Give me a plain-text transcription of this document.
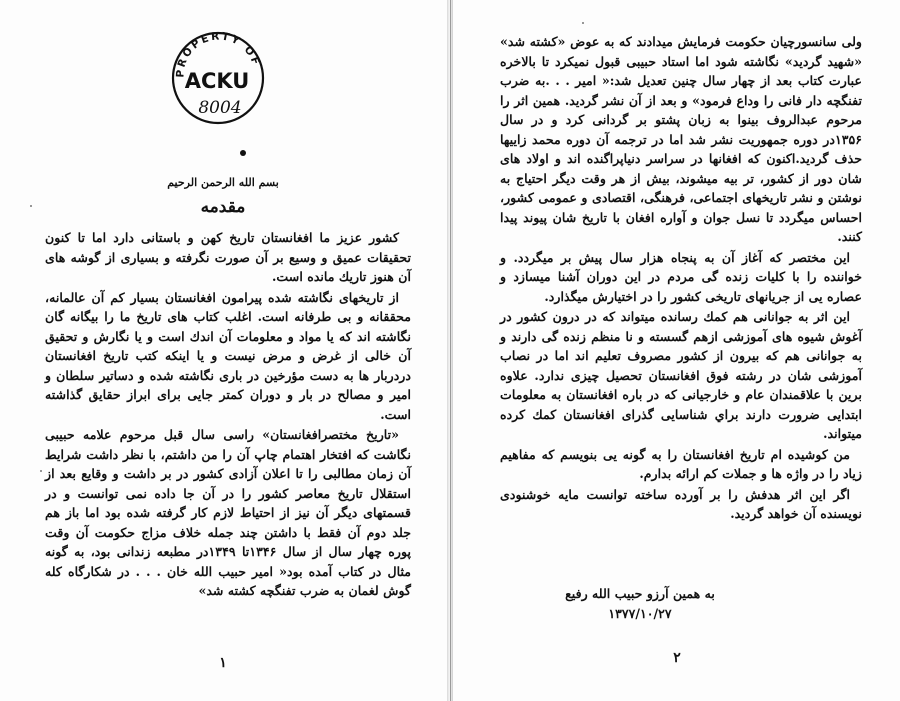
PROPERTY OF
ACKU
8004
بسم الله الرحمن الرحيم
مقدمه

کشور عزیز ما افغانستان تاریخ کهن و باستانی دارد اما تا کنون تحقیقات عمیق و وسیع بر آن صورت نگرفته و بسیاری از گوشه های آن هنوز تاریك مانده است.

از تاریخهای نگاشته شده پیرامون افغانستان بسیار کم آن عالمانه، محققانه و بی طرفانه است. اغلب کتاب های تاریخ ما را بیگانه گان نگاشته اند که یا مواد و معلومات آن اندك است و یا نگارش و تحقیق آن خالی از غرض و مرض نیست و یا اینکه کتب تاریخ افغانستان دردربار ها به دست مؤرخین در باری نگاشته شده و دساتیر سلطان و امیر و مصالح در بار و دوران کمتر جایی برای ابراز حقایق گذاشته است.

«تاریخ مختصرافغانستان» راسی سال قبل مرحوم علامه حبیبی نگاشت که افتخار اهتمام چاپ آن را من داشتم، با نظر داشت شرایط آن زمان مطالبی را تا اعلان آزادی کشور در بر داشت و وقایع بعد از استقلال تاریخ معاصر کشور را در آن جا داده نمی توانست و در قسمتهای دیگر آن نیز از احتیاط لازم کار گرفته شده بود اما باز هم جلد دوم آن فقط با داشتن چند جمله خلاف مزاج حکومت آن وقت پوره چهار سال از سال ۱۳۴۶تا ۱۳۴۹در مطبعه زندانی بود، به گونه مثال در کتاب آمده بود« امیر حبیب الله خان . . . در شکارگاه کله گوش لغمان به ضرب تفنگچه کشته شد»

۱

ولی سانسورچیان حکومت فرمایش میدادند که به عوض «کشته شد» «شهید گردید» نگاشته شود اما استاد حبیبی قبول نمیکرد تا بالاخره عبارت کتاب بعد از چهار سال چنین تعدیل شد:« امیر . . .به ضرب تفنگچه دار فانی را وداع فرمود» و بعد از آن نشر گردید. همین اثر را مرحوم عبدالروف بینوا به زبان پشتو بر گردانی کرد و در سال ۱۳۵۶در دوره جمهوریت نشر شد اما در ترجمه آن دوره محمد زاییها حذف گردید.اکنون که افغانها در سراسر دنیاپراگنده اند و اولاد های شان دور از کشور، تر بیه میشوند، بیش از هر وقت دیگر احتیاج به نوشتن و نشر تاریخهای اجتماعی، فرهنگی، اقتصادی و عمومی کشور، احساس میگردد تا نسل جوان و آواره افغان با تاریخ شان پیوند پیدا کنند.

این مختصر که آغاز آن به پنجاه هزار سال پیش بر میگردد. و خواننده را با کلیات زنده گی مردم در این دوران آشنا میسازد و عصاره یی از جریانهای تاریخی کشور را در اختیارش میگذارد.

این اثر به جوانانی هم کمك رسانده میتواند که در درون کشور در آغوش شیوه های آموزشی ازهم گسسته و نا منظم زنده گی دارند و به جوانانی هم که بیرون از کشور مصروف تعلیم اند اما در نصاب آموزشی شان در رشته فوق افغانستان تحصیل چیزی ندارد. علاوه برین با علاقمندان عام و خارجیانی که در باره افغانستان به معلومات ابتدایی ضرورت دارند براي شناسایی گذرای افغانستان کمك کرده میتواند.

من کوشیده ام تاریخ افغانستان را به گونه یی بنویسم که مفاهیم زیاد را در واژه ها و جملات کم ارائه بدارم.

اگر این اثر هدفش را بر آورده ساخته توانست مایه خوشنودی نویسنده آن خواهد گردید.

به همین آرزو حبیب الله رفیع
۱۳۷۷/۱۰/۲۷
۲
